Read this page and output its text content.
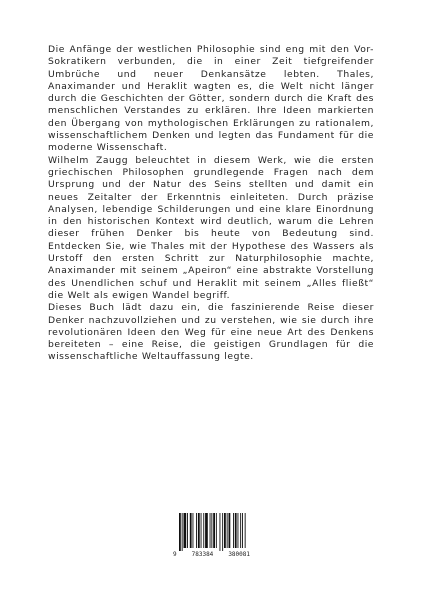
Die Anfänge der westlichen Philosophie sind eng mit den Vor-Sokratikern verbunden, die in einer Zeit tiefgreifender Umbrüche und neuer Denkansätze lebten. Thales, Anaximander und Heraklit wagten es, die Welt nicht länger durch die Geschichten der Götter, sondern durch die Kraft des menschlichen Verstandes zu erklären. Ihre Ideen markierten den Übergang von mythologischen Erklärungen zu rationalem, wissenschaftlichem Denken und legten das Fundament für die moderne Wissenschaft.

Wilhelm Zaugg beleuchtet in diesem Werk, wie die ersten griechischen Philosophen grundlegende Fragen nach dem Ursprung und der Natur des Seins stellten und damit ein neues Zeitalter der Erkenntnis einleiteten. Durch präzise Analysen, lebendige Schilderungen und eine klare Einordnung in den historischen Kontext wird deutlich, warum die Lehren dieser frühen Denker bis heute von Bedeutung sind. Entdecken Sie, wie Thales mit der Hypothese des Wassers als Urstoff den ersten Schritt zur Naturphilosophie machte, Anaximander mit seinem „Apeiron“ eine abstrakte Vorstellung des Unendlichen schuf und Heraklit mit seinem „Alles fließt“ die Welt als ewigen Wandel begriff.

Dieses Buch lädt dazu ein, die faszinierende Reise dieser Denker nachzuvollziehen und zu verstehen, wie sie durch ihre revolutionären Ideen den Weg für eine neue Art des Denkens bereiteten – eine Reise, die geistigen Grundlagen für die wissenschaftliche Weltauffassung legte.

9	783384	380081
